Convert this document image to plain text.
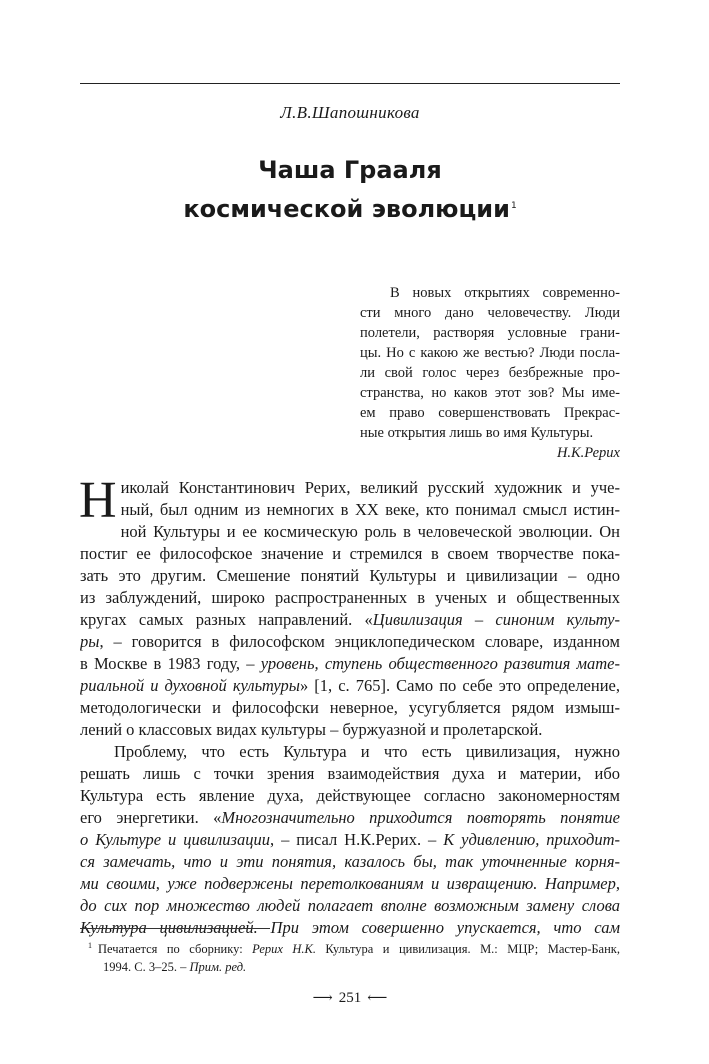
Л.В.Шапошникова
Чаша Грааля
космической эволюции$^1$
В новых открытиях современно-
сти много дано человечеству. Люди
полетели, растворяя условные грани-
цы. Но с какою же вестью? Люди посла-
ли свой голос через безбрежные про-
странства, но каков этот зов? Мы име-
ем право совершенствовать Прекрас-
ные открытия лишь во имя Культуры.
Н.К.Рерих
Н иколай Константинович Рерих, великий русский художник и уче-
ный, был одним из немногих в XX веке, кто понимал смысл истин-
ной Культуры и ее космическую роль в человеческой эволюции. Он
постиг ее философское значение и стремился в своем творчестве пока-
зать это другим. Смешение понятий Культуры и цивилизации – одно
из заблуждений, широко распространенных в ученых и общественных
кругах самых разных направлений. «Цивилизация – синоним культу-
ры, – говорится в философском энциклопедическом словаре, изданном
в Москве в 1983 году, – уровень, ступень общественного развития мате-
риальной и духовной культуры» [1, с. 765]. Само по себе это определение,
методологически и философски неверное, усугубляется рядом измыш-
лений о классовых видах культуры – буржуазной и пролетарской.
Проблему, что есть Культура и что есть цивилизация, нужно
решать лишь с точки зрения взаимодействия духа и материи, ибо
Культура есть явление духа, действующее согласно закономерностям
его энергетики. «Многозначительно приходится повторять понятие
о Культуре и цивилизации, – писал Н.К.Рерих. – К удивлению, приходит-
ся замечать, что и эти понятия, казалось бы, так уточненные корня-
ми своими, уже подвержены перетолкованиям и извращению. Например,
до сих пор множество людей полагает вполне возможным замену слова
Культура цивилизацией. При этом совершенно упускается, что сам
$^1$ Печатается по сборнику: Рерих Н.К. Культура и цивилизация. М.: МЦР; Мастер-Банк,
1994. С. 3–25. – Прим. ред.
⟶ 251 ⟵
